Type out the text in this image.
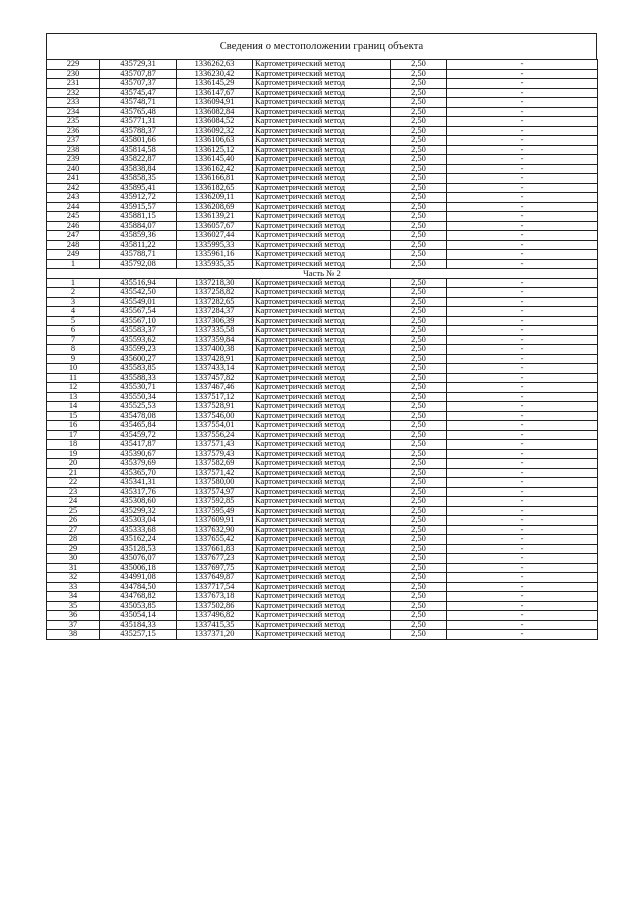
Сведения о местоположении границ объекта
229	435729,31	1336262,63	Картометрический метод	2,50	-
230	435707,87	1336230,42	Картометрический метод	2,50	-
231	435707,37	1336145,29	Картометрический метод	2,50	-
232	435745,47	1336147,67	Картометрический метод	2,50	-
233	435748,71	1336094,91	Картометрический метод	2,50	-
234	435765,48	1336082,84	Картометрический метод	2,50	-
235	435771,31	1336084,52	Картометрический метод	2,50	-
236	435788,37	1336092,32	Картометрический метод	2,50	-
237	435801,66	1336106,63	Картометрический метод	2,50	-
238	435814,58	1336125,12	Картометрический метод	2,50	-
239	435822,87	1336145,40	Картометрический метод	2,50	-
240	435838,84	1336162,42	Картометрический метод	2,50	-
241	435858,35	1336166,81	Картометрический метод	2,50	-
242	435895,41	1336182,65	Картометрический метод	2,50	-
243	435912,72	1336209,11	Картометрический метод	2,50	-
244	435915,57	1336208,69	Картометрический метод	2,50	-
245	435881,15	1336139,21	Картометрический метод	2,50	-
246	435884,07	1336057,67	Картометрический метод	2,50	-
247	435859,36	1336027,44	Картометрический метод	2,50	-
248	435811,22	1335995,33	Картометрический метод	2,50	-
249	435788,71	1335961,16	Картометрический метод	2,50	-
1	435792,08	1335935,35	Картометрический метод	2,50	-
Часть № 2					
1	435516,94	1337218,30	Картометрический метод	2,50	-
2	435542,50	1337258,82	Картометрический метод	2,50	-
3	435549,01	1337282,65	Картометрический метод	2,50	-
4	435567,54	1337284,37	Картометрический метод	2,50	-
5	435567,10	1337306,39	Картометрический метод	2,50	-
6	435583,37	1337335,58	Картометрический метод	2,50	-
7	435593,62	1337359,84	Картометрический метод	2,50	-
8	435599,23	1337400,38	Картометрический метод	2,50	-
9	435600,27	1337428,91	Картометрический метод	2,50	-
10	435583,85	1337433,14	Картометрический метод	2,50	-
11	435588,33	1337457,82	Картометрический метод	2,50	-
12	435530,71	1337467,46	Картометрический метод	2,50	-
13	435550,34	1337517,12	Картометрический метод	2,50	-
14	435525,53	1337528,91	Картометрический метод	2,50	-
15	435478,08	1337546,00	Картометрический метод	2,50	-
16	435465,84	1337554,01	Картометрический метод	2,50	-
17	435459,72	1337556,24	Картометрический метод	2,50	-
18	435417,87	1337571,43	Картометрический метод	2,50	-
19	435390,67	1337579,43	Картометрический метод	2,50	-
20	435379,69	1337582,69	Картометрический метод	2,50	-
21	435365,70	1337571,42	Картометрический метод	2,50	-
22	435341,31	1337580,00	Картометрический метод	2,50	-
23	435317,76	1337574,97	Картометрический метод	2,50	-
24	435308,60	1337592,85	Картометрический метод	2,50	-
25	435299,32	1337595,49	Картометрический метод	2,50	-
26	435303,04	1337609,91	Картометрический метод	2,50	-
27	435333,68	1337632,90	Картометрический метод	2,50	-
28	435162,24	1337655,42	Картометрический метод	2,50	-
29	435128,53	1337661,83	Картометрический метод	2,50	-
30	435076,07	1337677,23	Картометрический метод	2,50	-
31	435006,18	1337697,75	Картометрический метод	2,50	-
32	434991,08	1337649,87	Картометрический метод	2,50	-
33	434784,50	1337717,54	Картометрический метод	2,50	-
34	434768,82	1337673,18	Картометрический метод	2,50	-
35	435053,85	1337502,86	Картометрический метод	2,50	-
36	435054,14	1337496,82	Картометрический метод	2,50	-
37	435184,33	1337415,35	Картометрический метод	2,50	-
38	435257,15	1337371,20	Картометрический метод	2,50	-
